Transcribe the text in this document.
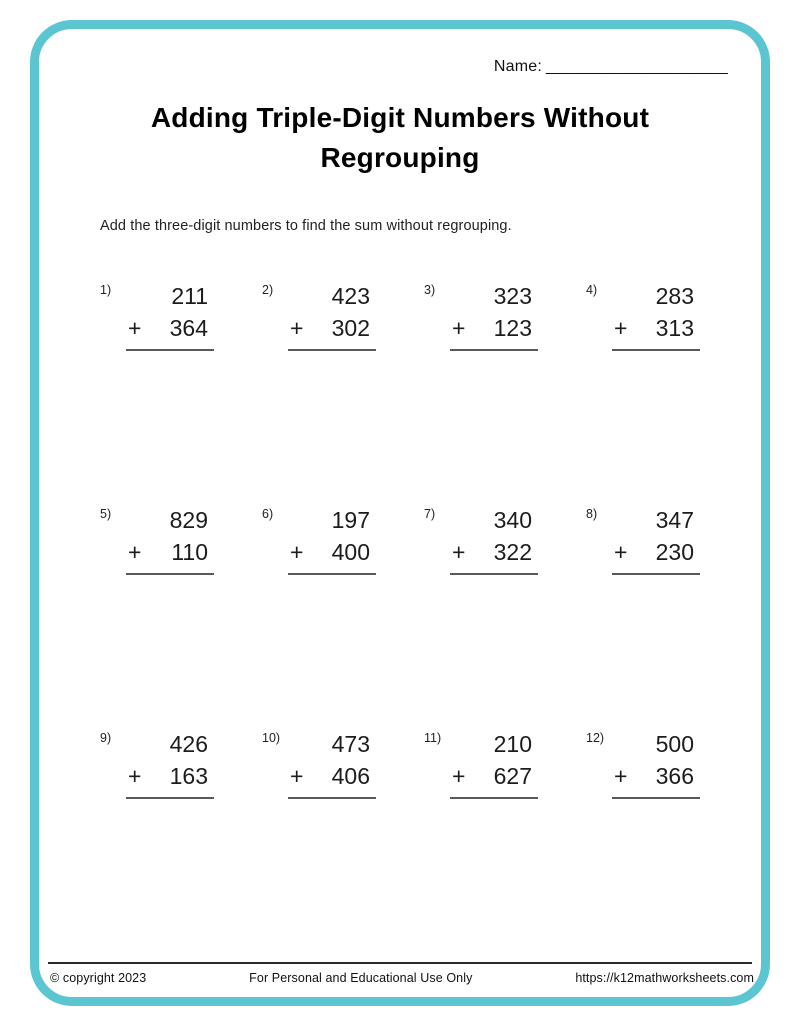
Name: ____________________
Adding Triple-Digit Numbers Without
Regrouping
Add the three-digit numbers to find the sum without regrouping.
1)	211
+ 364
2)	423
+ 302
3)	323
+ 123
4)	283
+ 313
5)	829
+ 110
6)	197
+ 400
7)	340
+ 322
8)	347
+ 230
9)	426
+ 163
10)	473
+ 406
11)	210
+ 627
12)	500
+ 366
© copyright 2023	For Personal and Educational Use Only	https://k12mathworksheets.com
